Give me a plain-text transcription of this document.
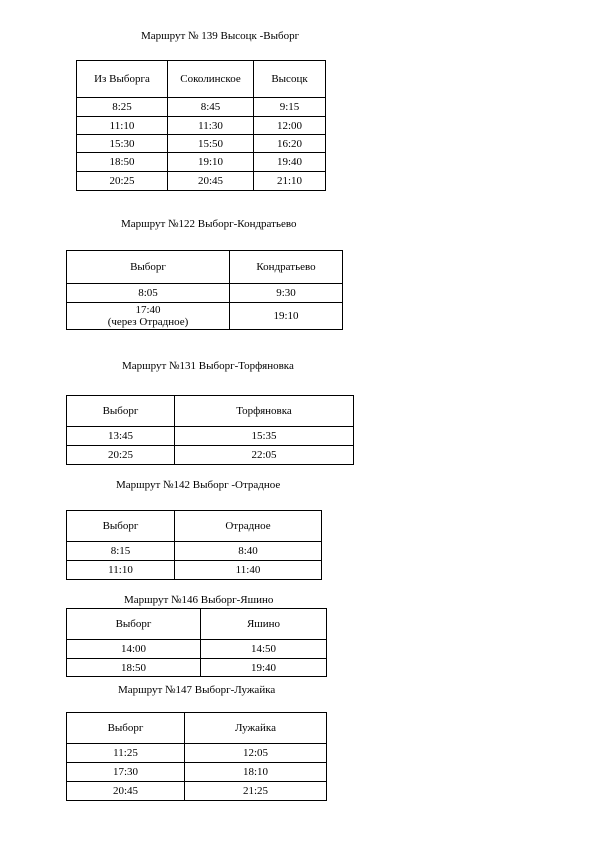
Маршрут № 139 Высоцк -Выборг
Из Выборга	Соколинское	Высоцк
8:25	8:45	9:15
11:10	11:30	12:00
15:30	15:50	16:20
18:50	19:10	19:40
20:25	20:45	21:10
Маршрут №122 Выборг-Кондратьево
Выборг	Кондратьево
8:05	9:30

17:40
(через Отрадное)	19:10
Маршрут №131 Выборг-Торфяновка
Выборг	Торфяновка
13:45	15:35
20:25	22:05
Маршрут №142 Выборг -Отрадное
Выборг	Отрадное
8:15	8:40
11:10	11:40
Маршрут №146 Выборг-Яшино
Выборг	Яшино
14:00	14:50
18:50	19:40
Маршрут №147 Выборг-Лужайка
Выборг	Лужайка
11:25	12:05
17:30	18:10
20:45	21:25
